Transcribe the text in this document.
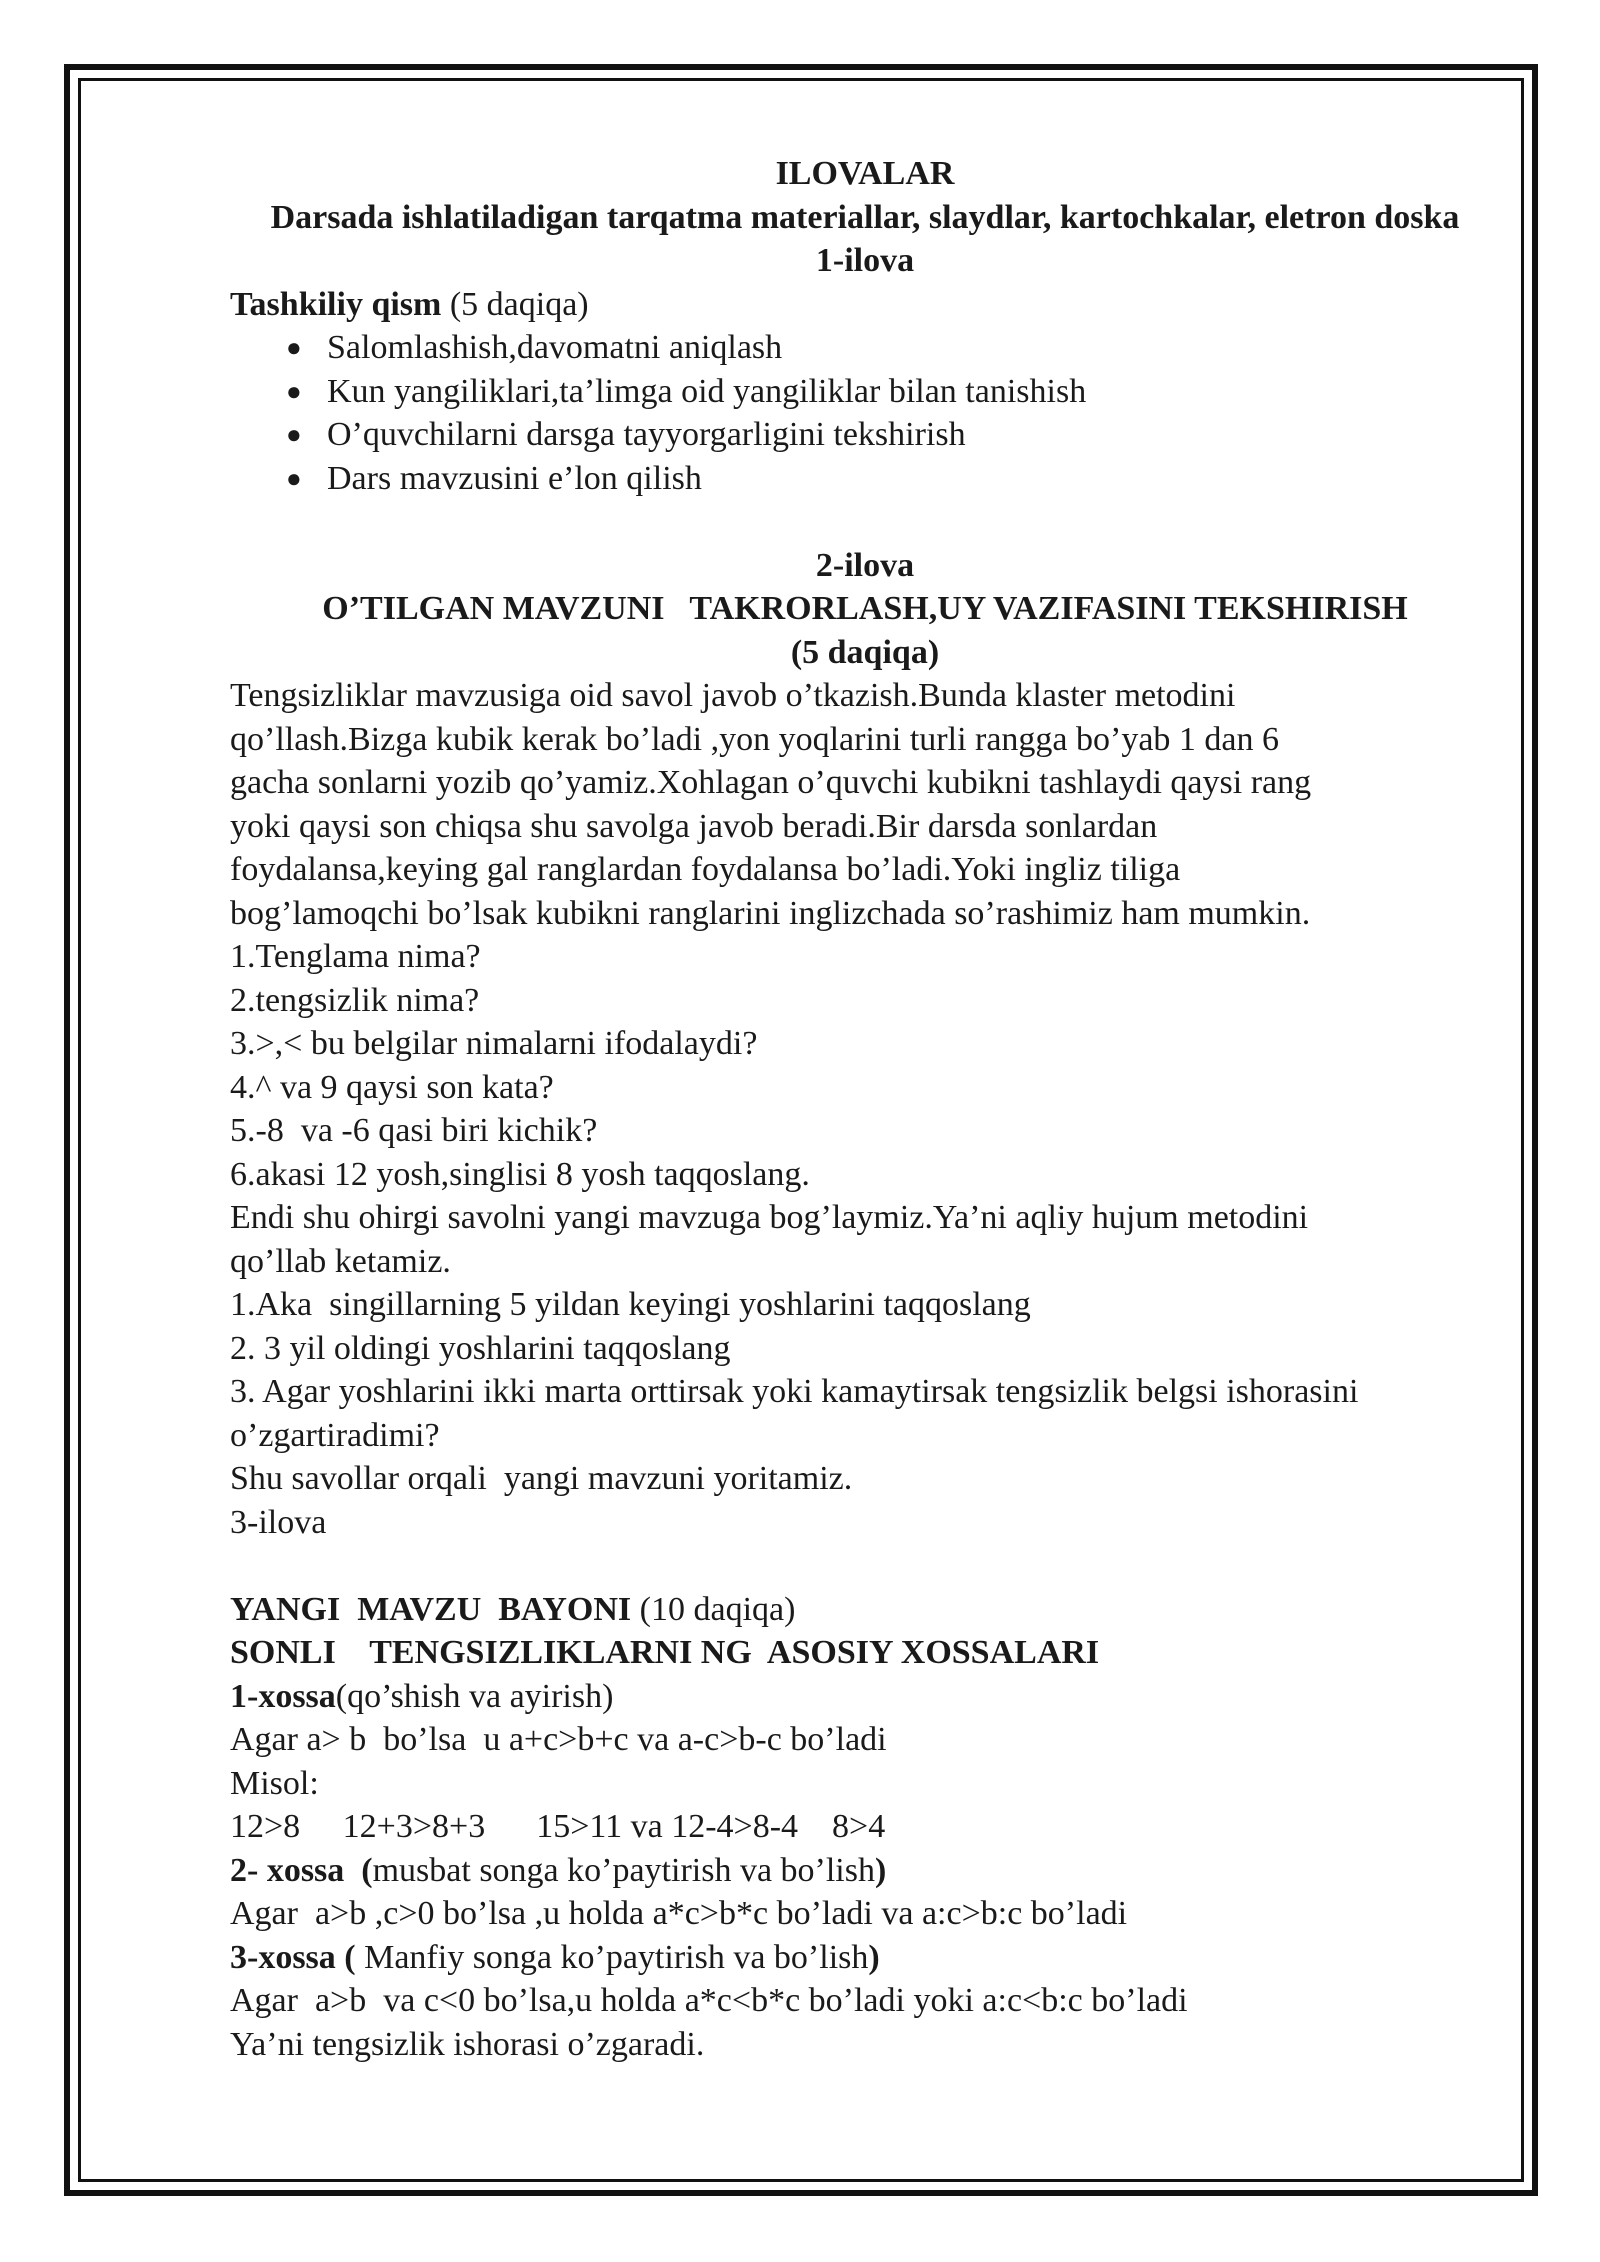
ILOVALAR
Darsada ishlatiladigan tarqatma materiallar, slaydlar, kartochkalar, eletron doska
1-ilova
Tashkiliy qism (5 daqiqa)
● Salomlashish,davomatni aniqlash
● Kun yangiliklari,ta’limga oid yangiliklar bilan tanishish
● O’quvchilarni darsga tayyorgarligini tekshirish
● Dars mavzusini e’lon qilish
2-ilova
O’TILGAN MAVZUNI   TAKRORLASH,UY VAZIFASINI TEKSHIRISH
(5 daqiqa)
Tengsizliklar mavzusiga oid savol javob o’tkazish.Bunda klaster metodini
qo’llash.Bizga kubik kerak bo’ladi ,yon yoqlarini turli rangga bo’yab 1 dan 6
gacha sonlarni yozib qo’yamiz.Xohlagan o’quvchi kubikni tashlaydi qaysi rang
yoki qaysi son chiqsa shu savolga javob beradi.Bir darsda sonlardan
foydalansa,keying gal ranglardan foydalansa bo’ladi.Yoki ingliz tiliga
bog’lamoqchi bo’lsak kubikni ranglarini inglizchada so’rashimiz ham mumkin.
1.Tenglama nima?
2.tengsizlik nima?
3.>,< bu belgilar nimalarni ifodalaydi?
4.^ va 9 qaysi son kata?
5.-8  va -6 qasi biri kichik?
6.akasi 12 yosh,singlisi 8 yosh taqqoslang.
Endi shu ohirgi savolni yangi mavzuga bog’laymiz.Ya’ni aqliy hujum metodini
qo’llab ketamiz.
1.Aka  singillarning 5 yildan keyingi yoshlarini taqqoslang
2. 3 yil oldingi yoshlarini taqqoslang
3. Agar yoshlarini ikki marta orttirsak yoki kamaytirsak tengsizlik belgsi ishorasini
o’zgartiradimi?
Shu savollar orqali  yangi mavzuni yoritamiz.
3-ilova
YANGI  MAVZU  BAYONI (10 daqiqa)
SONLI    TENGSIZLIKLARNI NG  ASOSIY XOSSALARI
1-xossa(qo’shish va ayirish)
Agar a> b  bo’lsa  u a+c>b+c va a-c>b-c bo’ladi
Misol:
12>8     12+3>8+3      15>11 va 12-4>8-4    8>4
2- xossa  (musbat songa ko’paytirish va bo’lish)
Agar  a>b ,c>0 bo’lsa ,u holda a*c>b*c bo’ladi va a:c>b:c bo’ladi
3-xossa ( Manfiy songa ko’paytirish va bo’lish)
Agar  a>b  va c<0 bo’lsa,u holda a*c<b*c bo’ladi yoki a:c<b:c bo’ladi
Ya’ni tengsizlik ishorasi o’zgaradi.
